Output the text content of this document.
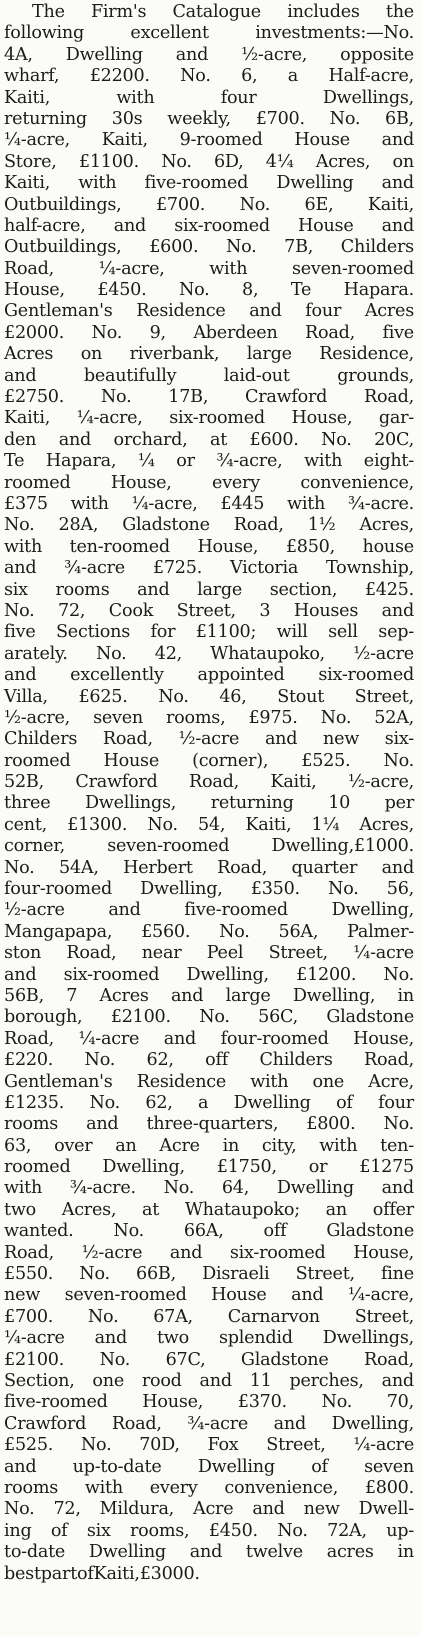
The Firm's Catalogue includes the
following	excellent	investments:—No.
4A, Dwelling and ½-acre, opposite
wharf, £2200. No. 6, a Half-acre,
Kaiti,	with	four	Dwellings,
returning 30s weekly, £700. No. 6B,
¼-acre, Kaiti, 9-roomed House and
Store, £1100. No. 6D, 4¼ Acres, on
Kaiti, with five-roomed Dwelling and
Outbuildings, £700. No. 6E, Kaiti,
half-acre, and six-roomed House and
Outbuildings, £600. No. 7B, Childers
Road,	¼-acre,	with	seven-roomed
House, £450. No. 8, Te Hapara.
Gentleman's Residence and four Acres
£2000. No. 9, Aberdeen Road, five
Acres on riverbank, large Residence,
and	beautifully	laid-out	grounds,
£2750. No. 17B, Crawford Road,
Kaiti, ¼-acre, six-roomed House, gar-
den and orchard, at £600. No. 20C,
Te Hapara, ¼ or ¾-acre, with eight-
roomed House, every convenience,
£375 with ¼-acre, £445 with ¾-acre.
No. 28A, Gladstone Road, 1½ Acres,
with ten-roomed House, £850, house
and ¾-acre £725. Victoria Township,
six rooms and large section, £425.
No. 72, Cook Street, 3 Houses and
five Sections for £1100; will sell sep-
arately. No. 42, Whataupoko, ½-acre
and excellently appointed six-roomed
Villa, £625. No. 46, Stout Street,
½-acre, seven rooms, £975. No. 52A,
Childers Road, ½-acre and new six-
roomed House (corner), £525. No.
52B, Crawford Road, Kaiti, ½-acre,
three Dwellings, returning 10 per
cent, £1300. No. 54, Kaiti, 1¼ Acres,
corner, seven-roomed Dwelling,£1000.
No. 54A, Herbert Road, quarter and
four-roomed Dwelling, £350. No. 56,
½-acre and five-roomed Dwelling,
Mangapapa, £560. No. 56A, Palmer-
ston Road, near Peel Street, ¼-acre
and six-roomed Dwelling, £1200. No.
56B, 7 Acres and large Dwelling, in
borough, £2100. No. 56C, Gladstone
Road, ¼-acre and four-roomed House,
£220. No. 62, off Childers Road,
Gentleman's Residence with one Acre,
£1235. No. 62, a Dwelling of four
rooms and three-quarters, £800. No.
63, over an Acre in city, with ten-
roomed Dwelling, £1750, or £1275
with ¾-acre. No. 64, Dwelling and
two Acres, at Whataupoko; an offer
wanted. No. 66A, off Gladstone
Road, ½-acre and six-roomed House,
£550. No. 66B, Disraeli Street, fine
new seven-roomed House and ¼-acre,
£700. No. 67A, Carnarvon Street,
¼-acre and two splendid Dwellings,
£2100. No. 67C, Gladstone Road,
Section, one rood and 11 perches, and
five-roomed House, £370. No. 70,
Crawford Road, ¾-acre and Dwelling,
£525. No. 70D, Fox Street, ¼-acre
and up-to-date Dwelling of seven
rooms with every convenience, £800.
No. 72, Mildura, Acre and new Dwell-
ing of six rooms, £450. No. 72A, up-
to-date Dwelling and twelve acres in
best part of Kaiti, £3000.
